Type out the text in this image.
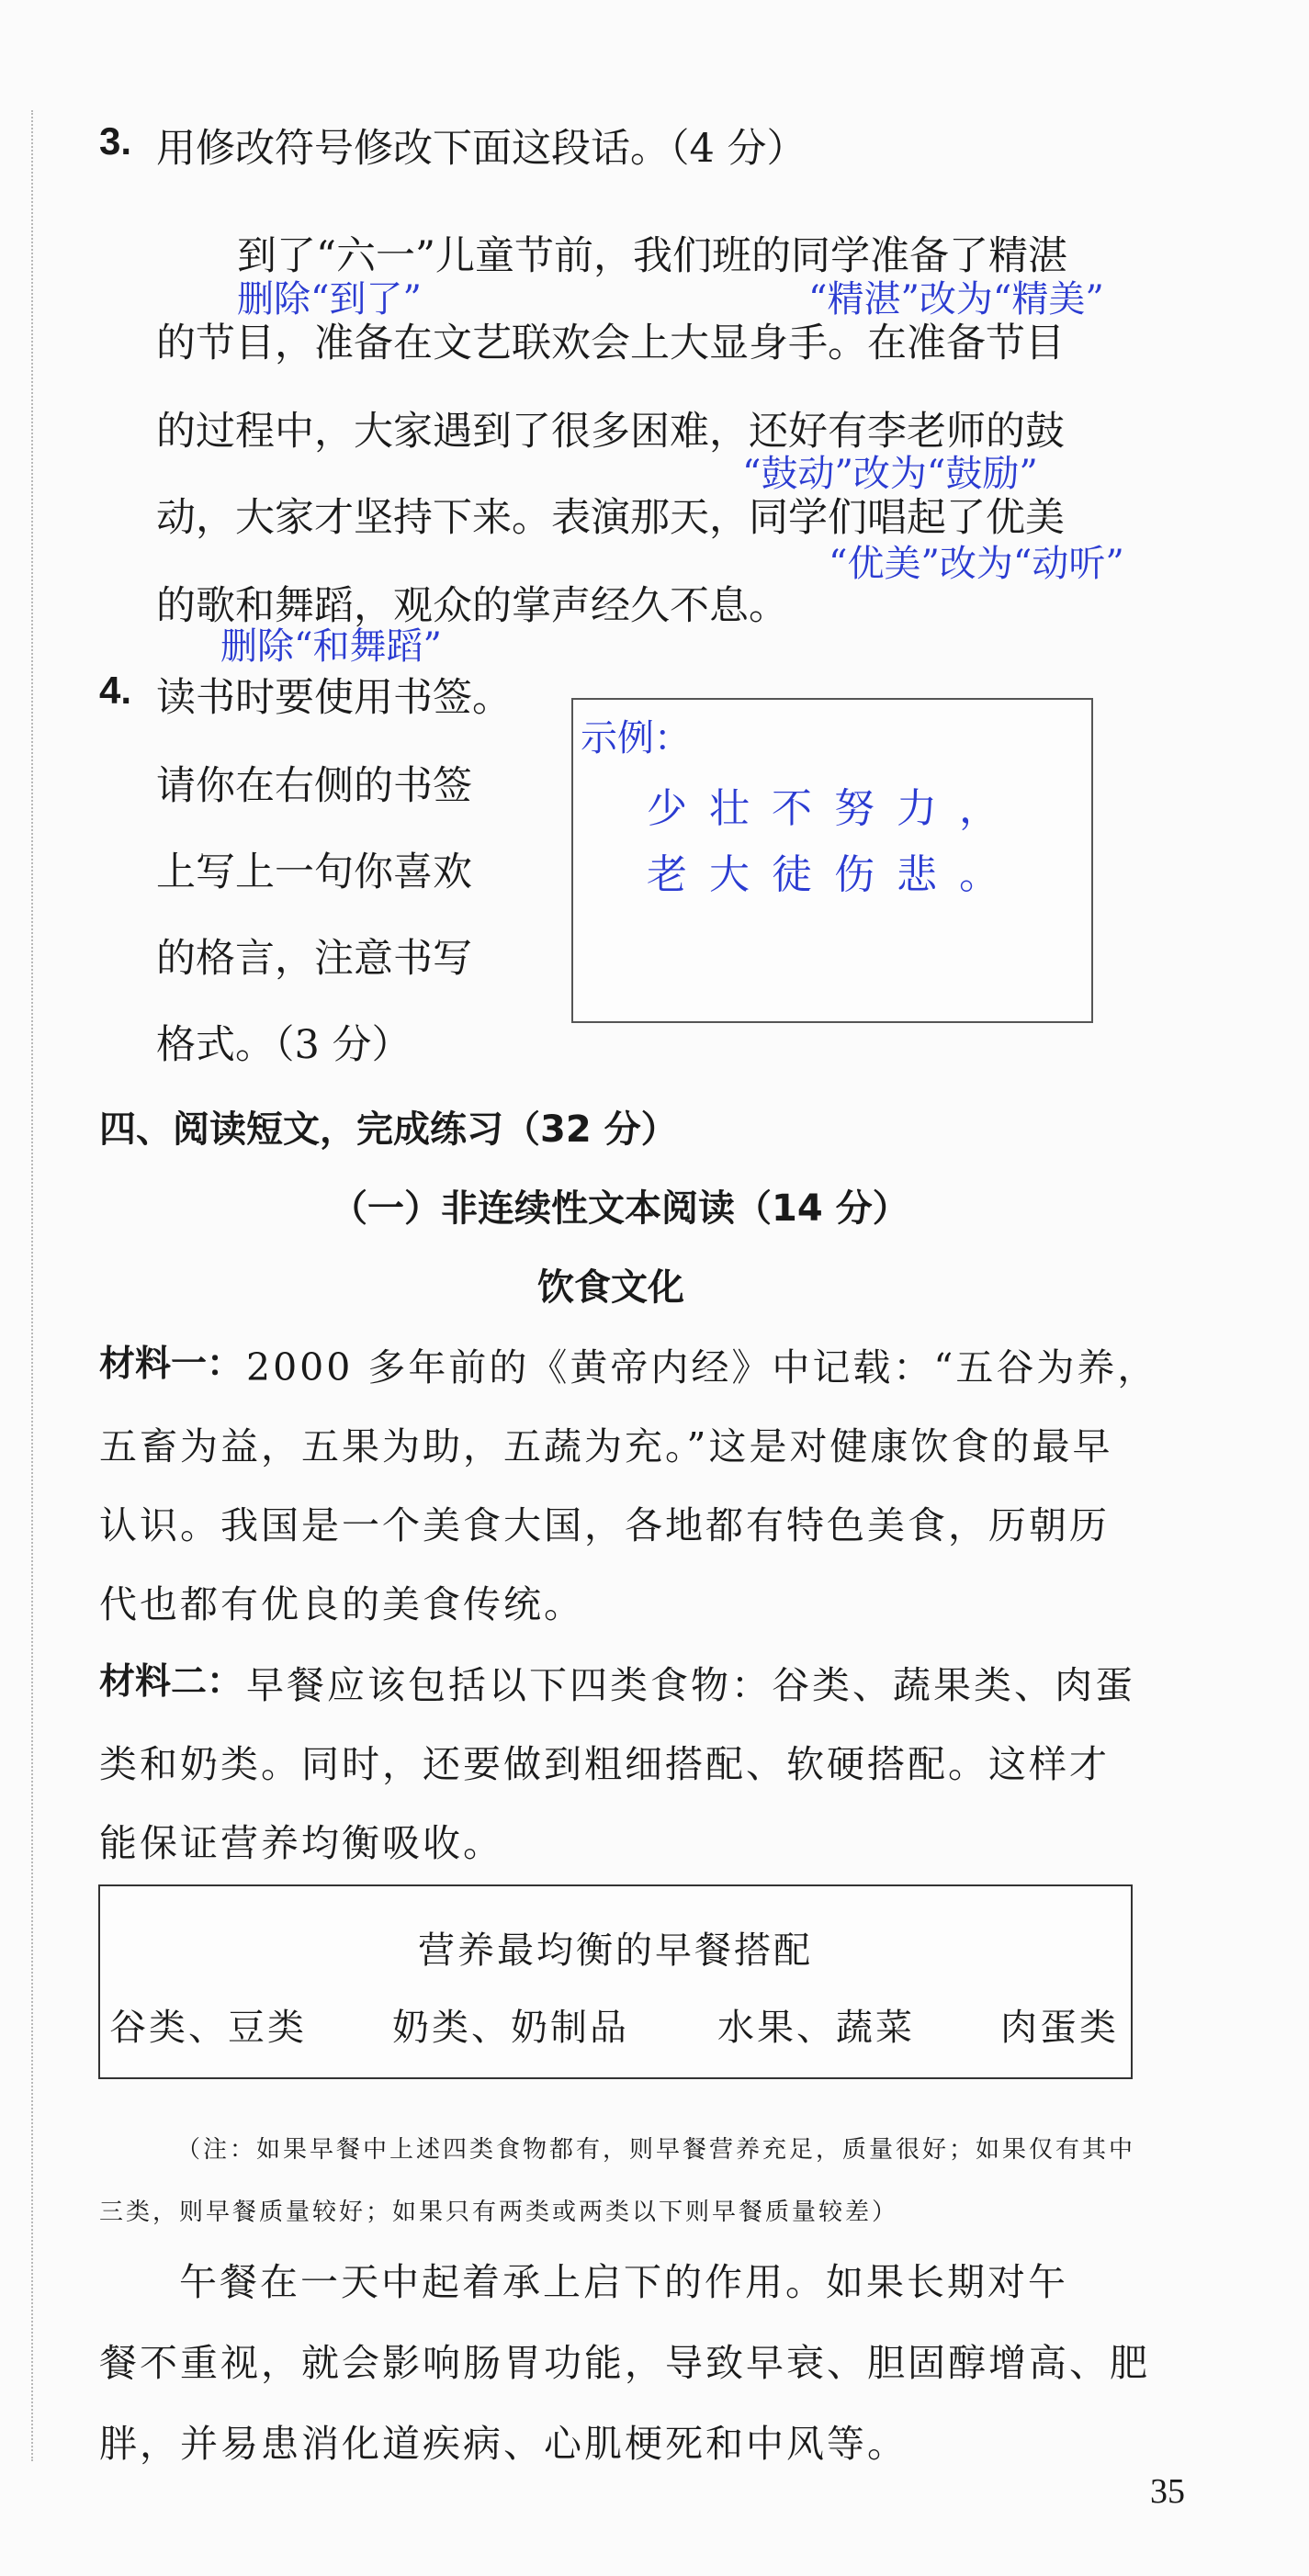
3. 用修改符号修改下面这段话。（4 分）
到了“六一”儿童节前，我们班的同学准备了精湛
删除“到了”	“精湛”改为“精美”
的节目，准备在文艺联欢会上大显身手。在准备节目
的过程中，大家遇到了很多困难，还好有李老师的鼓
“鼓动”改为“鼓励”
动，大家才坚持下来。表演那天，同学们唱起了优美
“优美”改为“动听”
的歌和舞蹈，观众的掌声经久不息。
删除“和舞蹈”
4. 读书时要使用书签。
请你在右侧的书签
上写上一句你喜欢
的格言，注意书写
格式。（3 分）
示例：
少壮不努力，
老大徒伤悲。
四、阅读短文，完成练习（32 分）
（一）非连续性文本阅读（14 分）
饮食文化
材料一： 2000 多年前的《黄帝内经》中记载：“五谷为养，
五畜为益，五果为助，五蔬为充。”这是对健康饮食的最早
认识。我国是一个美食大国，各地都有特色美食，历朝历
代也都有优良的美食传统。
材料二： 早餐应该包括以下四类食物：谷类、蔬果类、肉蛋
类和奶类。同时，还要做到粗细搭配、软硬搭配。这样才
能保证营养均衡吸收。
营养最均衡的早餐搭配
谷类、豆类 奶类、奶制品 水果、蔬菜 肉蛋类
（注：如果早餐中上述四类食物都有，则早餐营养充足，质量很好；如果仅有其中
三类，则早餐质量较好；如果只有两类或两类以下则早餐质量较差）
午餐在一天中起着承上启下的作用。如果长期对午
餐不重视，就会影响肠胃功能，导致早衰、胆固醇增高、肥
胖，并易患消化道疾病、心肌梗死和中风等。
35
